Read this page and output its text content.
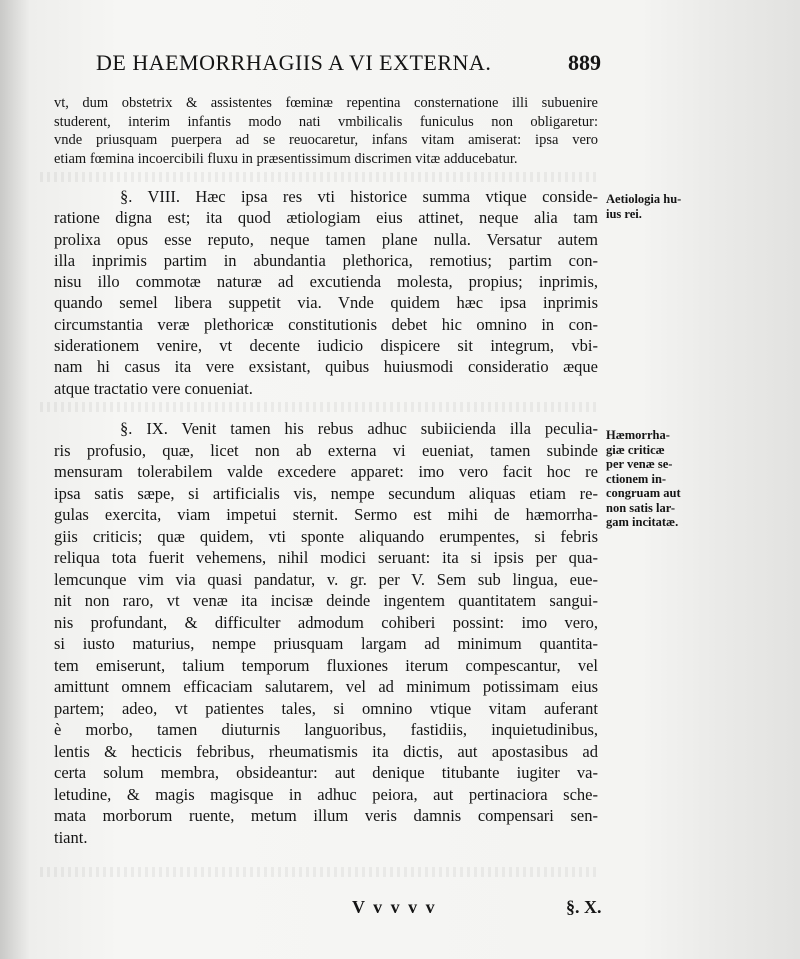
DE HAEMORRHAGIIS A VI EXTERNA.	889
vt, dum obstetrix & assistentes fœminæ repentina consternatione illi subuenire
studerent, interim infantis modo nati vmbilicalis funiculus non obligaretur:
vnde priusquam puerpera ad se reuocaretur, infans vitam amiserat: ipsa vero
etiam fœmina incoercibili fluxu in præsentissimum discrimen vitæ adducebatur.
§. VIII. Hæc ipsa res vti historice summa vtique conside-
ratione digna est; ita quod ætiologiam eius attinet, neque alia tam
prolixa opus esse reputo, neque tamen plane nulla. Versatur autem
illa inprimis partim in abundantia plethorica, remotius; partim con-
nisu illo commotæ naturæ ad excutienda molesta, propius; inprimis,
quando semel libera suppetit via. Vnde quidem hæc ipsa inprimis
circumstantia veræ plethoricæ constitutionis debet hic omnino in con-
siderationem venire, vt decente iudicio dispicere sit integrum, vbi-
nam hi casus ita vere exsistant, quibus huiusmodi consideratio æque
atque tractatio vere conueniat.
§. IX. Venit tamen his rebus adhuc subiicienda illa peculia-
ris profusio, quæ, licet non ab externa vi eueniat, tamen subinde
mensuram tolerabilem valde excedere apparet: imo vero facit hoc re
ipsa satis sæpe, si artificialis vis, nempe secundum aliquas etiam re-
gulas exercita, viam impetui sternit. Sermo est mihi de hæmorrha-
giis criticis; quæ quidem, vti sponte aliquando erumpentes, si febris
reliqua tota fuerit vehemens, nihil modici seruant: ita si ipsis per qua-
lemcunque vim via quasi pandatur, v. gr. per V. Sem sub lingua, eue-
nit non raro, vt venæ ita incisæ deinde ingentem quantitatem sangui-
nis profundant, & difficulter admodum cohiberi possint: imo vero,
si iusto maturius, nempe priusquam largam ad minimum quantita-
tem emiserunt, talium temporum fluxiones iterum compescantur, vel
amittunt omnem efficaciam salutarem, vel ad minimum potissimam eius
partem; adeo, vt patientes tales, si omnino vtique vitam auferant
è morbo, tamen diuturnis languoribus, fastidiis, inquietudinibus,
lentis & hecticis febribus, rheumatismis ita dictis, aut apostasibus ad
certa solum membra, obsideantur: aut denique titubante iugiter va-
letudine, & magis magisque in adhuc peiora, aut pertinaciora sche-
mata morborum ruente, metum illum veris damnis compensari sen-
tiant.
Aetiologia hu-
ius rei.
Hæmorrha-
giæ criticæ
per venæ se-
ctionem in-
congruam aut
non satis lar-
gam incitatæ.
V v v v v	§. X.
